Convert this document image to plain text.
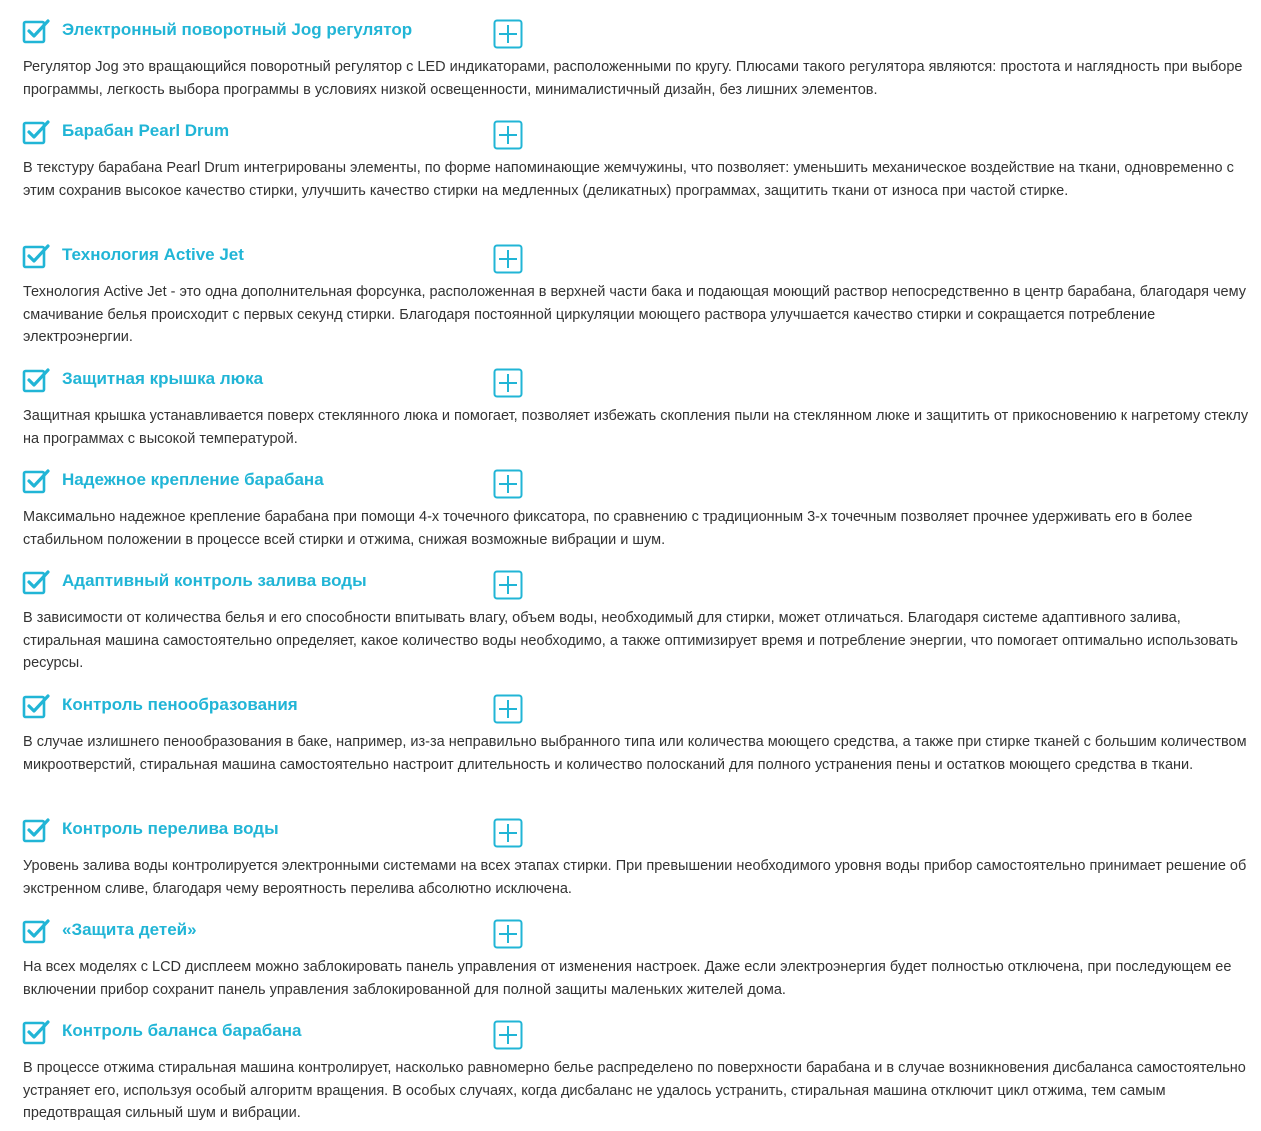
Электронный поворотный Jog регулятор

Регулятор Jog это вращающийся поворотный регулятор с LED индикаторами, расположенными по кругу. Плюсами такого регулятора являются: простота и наглядность при выборе программы, легкость выбора программы в условиях низкой освещенности, минималистичный дизайн, без лишних элементов.

Барабан Pearl Drum

В текстуру барабана Pearl Drum интегрированы элементы, по форме напоминающие жемчужины, что позволяет: уменьшить механическое воздействие на ткани, одновременно с этим сохранив высокое качество стирки, улучшить качество стирки на медленных (деликатных) программах, защитить ткани от износа при частой стирке.

Технология Active Jet

Технология Active Jet - это одна дополнительная форсунка, расположенная в верхней части бака и подающая моющий раствор непосредственно в центр барабана, благодаря чему смачивание белья происходит с первых секунд стирки. Благодаря постоянной циркуляции моющего раствора улучшается качество стирки и сокращается потребление электроэнергии.

Защитная крышка люка

Защитная крышка устанавливается поверх стеклянного люка и помогает, позволяет избежать скопления пыли на стеклянном люке и защитить от прикосновению к нагретому стеклу на программах с высокой температурой.

Надежное крепление барабана

Максимально надежное крепление барабана при помощи 4-х точечного фиксатора, по сравнению с традиционным 3-х точечным позволяет прочнее удерживать его в более стабильном положении в процессе всей стирки и отжима, снижая возможные вибрации и шум.

Адаптивный контроль залива воды

В зависимости от количества белья и его способности впитывать влагу, объем воды, необходимый для стирки, может отличаться. Благодаря системе адаптивного залива, стиральная машина самостоятельно определяет, какое количество воды необходимо, а также оптимизирует время и потребление энергии, что помогает оптимально использовать ресурсы.

Контроль пенообразования

В случае излишнего пенообразования в баке, например, из-за неправильно выбранного типа или количества моющего средства, а также при стирке тканей с большим количеством микроотверстий, стиральная машина самостоятельно настроит длительность и количество полосканий для полного устранения пены и остатков моющего средства в ткани.

Контроль перелива воды

Уровень залива воды контролируется электронными системами на всех этапах стирки. При превышении необходимого уровня воды прибор самостоятельно принимает решение об экстренном сливе, благодаря чему вероятность перелива абсолютно исключена.

«Защита детей»

На всех моделях с LCD дисплеем можно заблокировать панель управления от изменения настроек. Даже если электроэнергия будет полностью отключена, при последующем ее включении прибор сохранит панель управления заблокированной для полной защиты маленьких жителей дома.

Контроль баланса барабана

В процессе отжима стиральная машина контролирует, насколько равномерно белье распределено по поверхности барабана и в случае возникновения дисбаланса самостоятельно устраняет его, используя особый алгоритм вращения. В особых случаях, когда дисбаланс не удалось устранить, стиральная машина отключит цикл отжима, тем самым предотвращая сильный шум и вибрации.
